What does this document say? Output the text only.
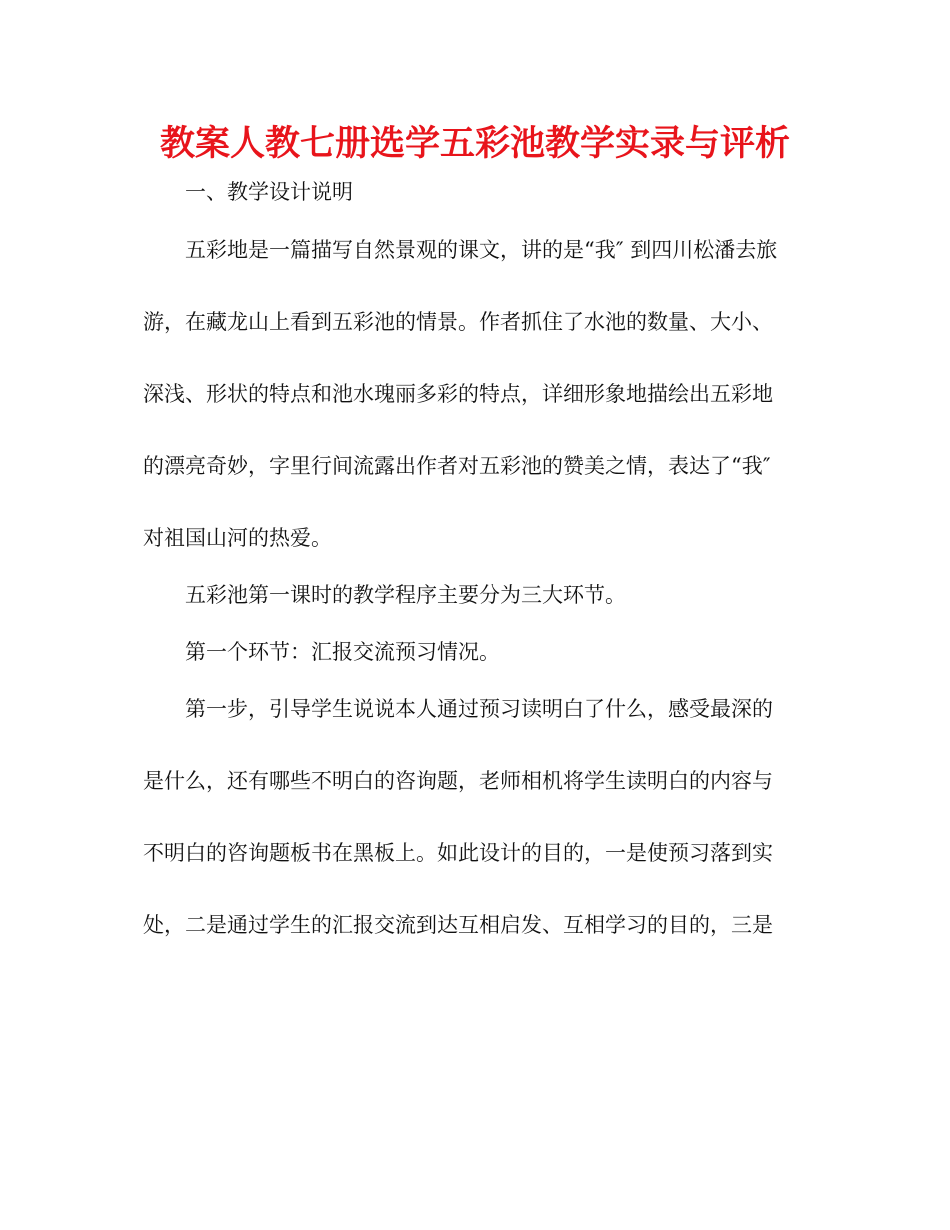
教案人教七册选学五彩池教学实录与评析
一、教学设计说明
五彩地是一篇描写自然景观的课文，讲的是“我″ 到四川松潘去旅
游，在藏龙山上看到五彩池的情景。作者抓住了水池的数量、大小、
深浅、形状的特点和池水瑰丽多彩的特点，详细形象地描绘出五彩地
的漂亮奇妙，字里行间流露出作者对五彩池的赞美之情，表达了“我″
对祖国山河的热爱。
五彩池第一课时的教学程序主要分为三大环节。
第一个环节：汇报交流预习情况。
第一步，引导学生说说本人通过预习读明白了什么，感受最深的
是什么，还有哪些不明白的咨询题，老师相机将学生读明白的内容与
不明白的咨询题板书在黑板上。如此设计的目的，一是使预习落到实
处，二是通过学生的汇报交流到达互相启发、互相学习的目的，三是
